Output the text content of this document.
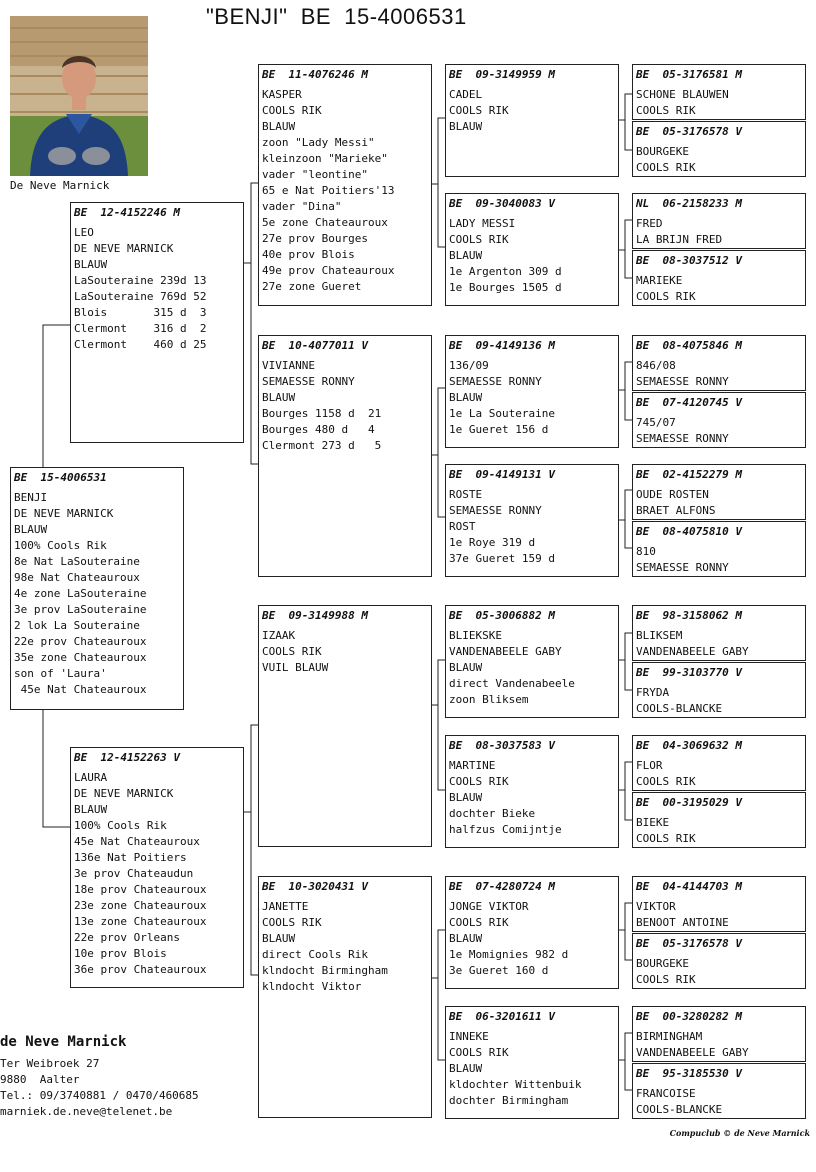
"BENJI"  BE  15-4006531
De Neve Marnick
BE  15-4006531
BENJI
DE NEVE MARNICK
BLAUW
100% Cools Rik
8e Nat LaSouteraine
98e Nat Chateauroux
4e zone LaSouteraine
3e prov LaSouteraine
2 lok La Souteraine
22e prov Chateauroux
35e zone Chateauroux
son of 'Laura'
45e Nat Chateauroux
BE  12-4152246 M
LEO
DE NEVE MARNICK
BLAUW
LaSouteraine 239d 13
LaSouteraine 769d 52
Blois       315 d  3
Clermont    316 d  2
Clermont    460 d 25
BE  12-4152263 V
LAURA
DE NEVE MARNICK
BLAUW
100% Cools Rik
45e Nat Chateauroux
136e Nat Poitiers
3e prov Chateaudun
18e prov Chateauroux
23e zone Chateauroux
13e zone Chateauroux
22e prov Orleans
10e prov Blois
36e prov Chateauroux
BE  11-4076246 M
KASPER
COOLS RIK
BLAUW
zoon "Lady Messi"
kleinzoon "Marieke"
vader "leontine"
65 e Nat Poitiers'13
vader "Dina"
5e zone Chateauroux
27e prov Bourges
40e prov Blois
49e prov Chateauroux
27e zone Gueret
BE  10-4077011 V
VIVIANNE
SEMAESSE RONNY
BLAUW
Bourges 1158 d  21
Bourges 480 d   4
Clermont 273 d   5
BE  09-3149988 M
IZAAK
COOLS RIK
VUIL BLAUW
BE  10-3020431 V
JANETTE
COOLS RIK
BLAUW
direct Cools Rik
klndocht Birmingham
klndocht Viktor
BE  09-3149959 M
CADEL
COOLS RIK
BLAUW
BE  09-3040083 V
LADY MESSI
COOLS RIK
BLAUW
1e Argenton 309 d
1e Bourges 1505 d
BE  09-4149136 M
136/09
SEMAESSE RONNY
BLAUW
1e La Souteraine
1e Gueret 156 d
BE  09-4149131 V
ROSTE
SEMAESSE RONNY
ROST
1e Roye 319 d
37e Gueret 159 d
BE  05-3006882 M
BLIEKSKE
VANDENABEELE GABY
BLAUW
direct Vandenabeele
zoon Bliksem
BE  08-3037583 V
MARTINE
COOLS RIK
BLAUW
dochter Bieke
halfzus Comijntje
BE  07-4280724 M
JONGE VIKTOR
COOLS RIK
BLAUW
1e Momignies 982 d
3e Gueret 160 d
BE  06-3201611 V
INNEKE
COOLS RIK
BLAUW
kldochter Wittenbuik
dochter Birmingham
BE  05-3176581 M
SCHONE BLAUWEN
COOLS RIK
BE  05-3176578 V
BOURGEKE
COOLS RIK
NL  06-2158233 M
FRED
LA BRIJN FRED
BE  08-3037512 V
MARIEKE
COOLS RIK
BE  08-4075846 M
846/08
SEMAESSE RONNY
BE  07-4120745 V
745/07
SEMAESSE RONNY
BE  02-4152279 M
OUDE ROSTEN
BRAET ALFONS
BE  08-4075810 V
810
SEMAESSE RONNY
BE  98-3158062 M
BLIKSEM
VANDENABEELE GABY
BE  99-3103770 V
FRYDA
COOLS-BLANCKE
BE  04-3069632 M
FLOR
COOLS RIK
BE  00-3195029 V
BIEKE
COOLS RIK
BE  04-4144703 M
VIKTOR
BENOOT ANTOINE
BE  05-3176578 V
BOURGEKE
COOLS RIK
BE  00-3280282 M
BIRMINGHAM
VANDENABEELE GABY
BE  95-3185530 V
FRANCOISE
COOLS-BLANCKE
de Neve Marnick
Ter Weibroek 27
9880  Aalter
Tel.: 09/3740881 / 0470/460685
marniek.de.neve@telenet.be
Compuclub © de Neve Marnick
